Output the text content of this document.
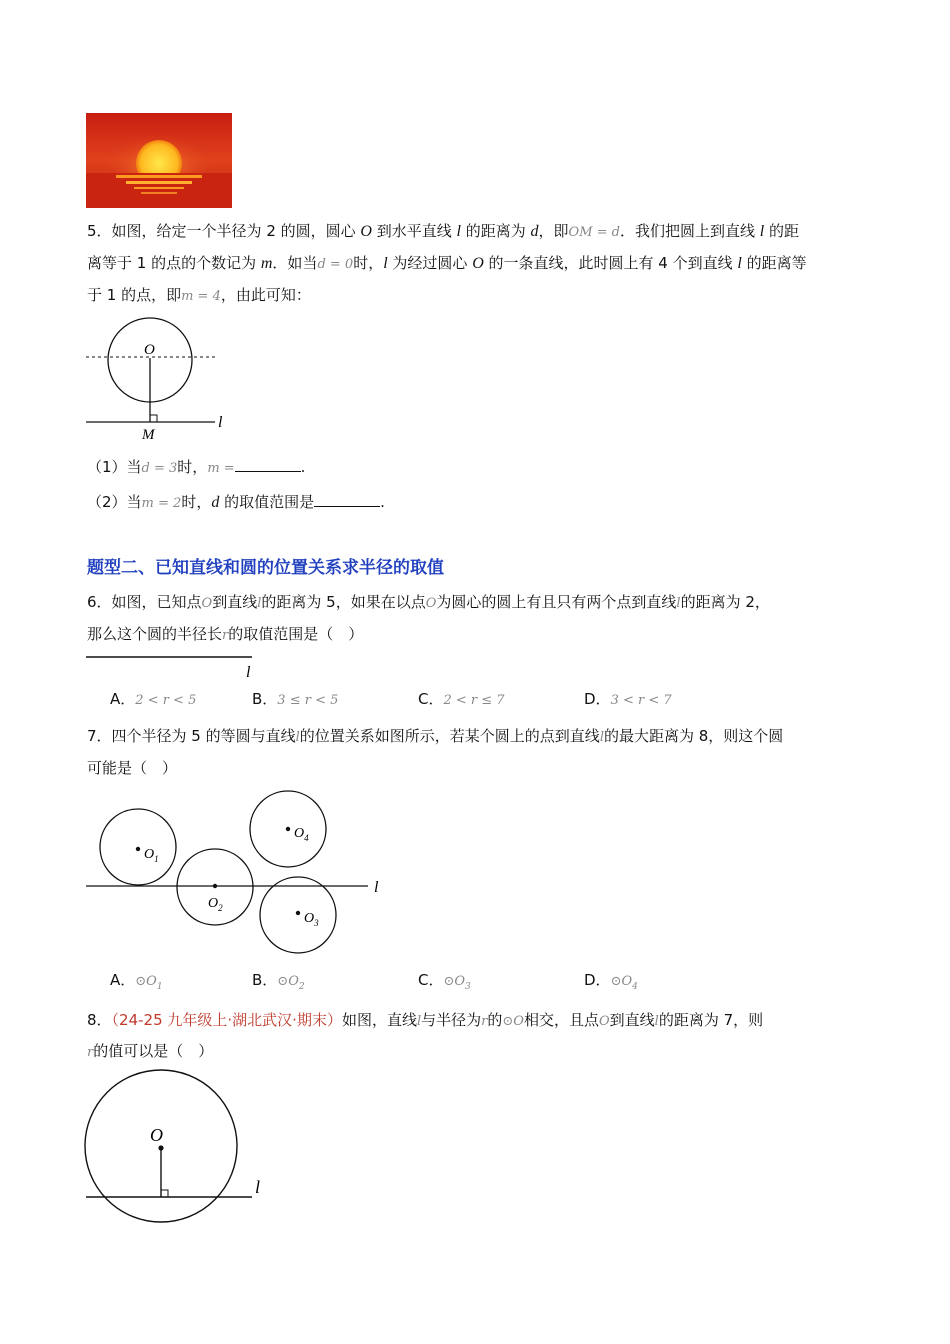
5．如图，给定一个半径为 2 的圆，圆心 O 到水平直线 l 的距离为 d，即OM = d．我们把圆上到直线 l 的距
离等于 1 的点的个数记为 m．如当d = 0时，l 为经过圆心 O 的一条直线，此时圆上有 4 个到直线 l 的距离等
于 1 的点，即m = 4，由此可知：
O
M
l
（1）当d = 3时，m =	.
（2）当m = 2时，d 的取值范围是	.
题型二、已知直线和圆的位置关系求半径的取值
6．如图，已知点O到直线l的距离为 5，如果在以点O为圆心的圆上有且只有两个点到直线l的距离为 2，
那么这个圆的半径长r的取值范围是（　）
l
A．2 < r < 5	B．3 ≤ r < 5	C．2 < r ≤ 7	D．3 < r < 7
7．四个半径为 5 的等圆与直线l的位置关系如图所示，若某个圆上的点到直线l的最大距离为 8，则这个圆
可能是（　）
$O_1$
$O_2$
$O_3$
$O_4$
l
A．$⊙O_1$	B．$⊙O_2$	C．$⊙O_3$	D．$⊙O_4$
8．（24-25 九年级上·湖北武汉·期末）如图，直线l与半径为r的⊙O相交，且点O到直线l的距离为 7，则
r的值可以是（　）
O
l
